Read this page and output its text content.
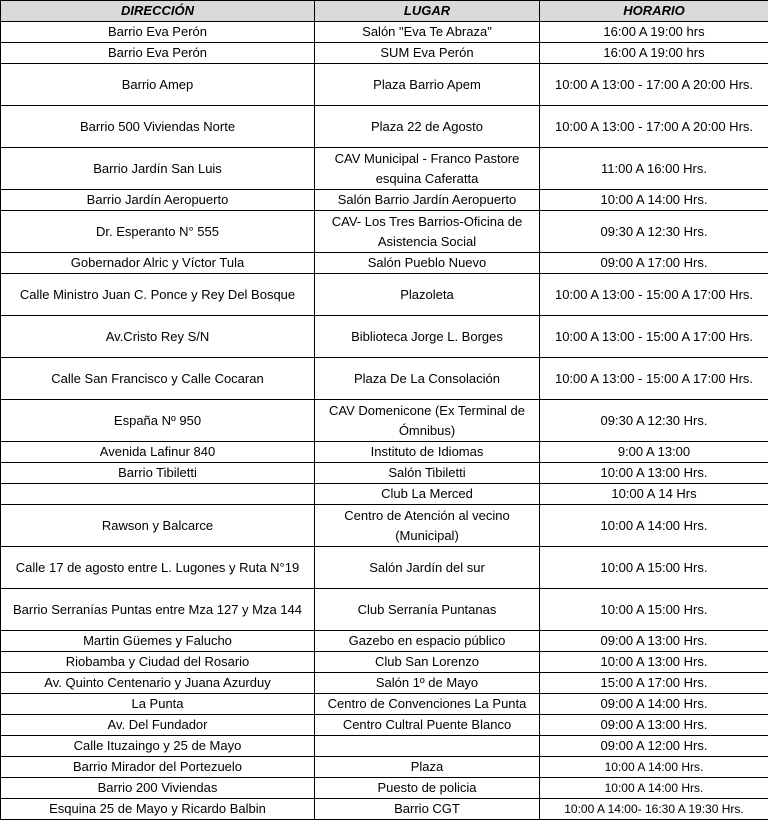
DIRECCIÓN	LUGAR	HORARIO
Barrio Eva Perón	Salón "Eva Te Abraza"	16:00 A 19:00 hrs
Barrio Eva Perón	SUM Eva Perón	16:00 A 19:00 hrs
Barrio Amep	Plaza Barrio Apem	10:00 A 13:00 - 17:00 A 20:00 Hrs.
Barrio 500 Viviendas Norte	Plaza 22 de Agosto	10:00 A 13:00 - 17:00 A 20:00 Hrs.
Barrio Jardín San Luis	CAV Municipal - Franco Pastore esquina Caferatta	11:00 A 16:00 Hrs.
Barrio Jardín Aeropuerto	Salón Barrio Jardín Aeropuerto	10:00 A 14:00 Hrs.
Dr. Esperanto N° 555	CAV- Los Tres Barrios-Oficina de Asistencia Social	09:30 A 12:30 Hrs.
Gobernador Alric y Víctor Tula	Salón Pueblo Nuevo	09:00 A 17:00 Hrs.
Calle Ministro Juan C. Ponce y Rey Del Bosque	Plazoleta	10:00 A 13:00 - 15:00 A 17:00 Hrs.
Av.Cristo Rey S/N	Biblioteca Jorge L. Borges	10:00 A 13:00 - 15:00 A 17:00 Hrs.
Calle San Francisco y Calle Cocaran	Plaza De La Consolación	10:00 A 13:00 - 15:00 A 17:00 Hrs.
España Nº 950	CAV Domenicone (Ex Terminal de Ómnibus)	09:30 A 12:30 Hrs.
Avenida Lafinur 840	Instituto de Idiomas	9:00 A 13:00
Barrio Tibiletti	Salón Tibiletti	10:00 A 13:00 Hrs.
	Club La Merced	10:00 A 14 Hrs
Rawson y Balcarce	Centro de Atención al vecino (Municipal)	10:00 A 14:00 Hrs.
Calle 17 de agosto entre L. Lugones y Ruta N°19	Salón Jardín del sur	10:00 A 15:00 Hrs.
Barrio Serranías Puntas entre Mza 127 y Mza 144	Club Serranía Puntanas	10:00 A 15:00 Hrs.
Martin Güemes y Falucho	Gazebo en espacio público	09:00 A 13:00 Hrs.
Riobamba y Ciudad del Rosario	Club San Lorenzo	10:00 A 13:00 Hrs.
Av. Quinto Centenario y Juana Azurduy	Salón 1º de Mayo	15:00 A 17:00 Hrs.
La Punta	Centro de Convenciones La Punta	09:00 A 14:00 Hrs.
Av. Del Fundador	Centro Cultral Puente Blanco	09:00 A 13:00 Hrs.
Calle Ituzaingo y 25 de Mayo		09:00 A 12:00 Hrs.
Barrio Mirador del Portezuelo	Plaza	10:00 A 14:00 Hrs.
Barrio 200 Viviendas	Puesto de policia	10:00 A 14:00 Hrs.
Esquina 25 de Mayo y Ricardo Balbin	Barrio CGT	10:00 A 14:00- 16:30 A 19:30 Hrs.
